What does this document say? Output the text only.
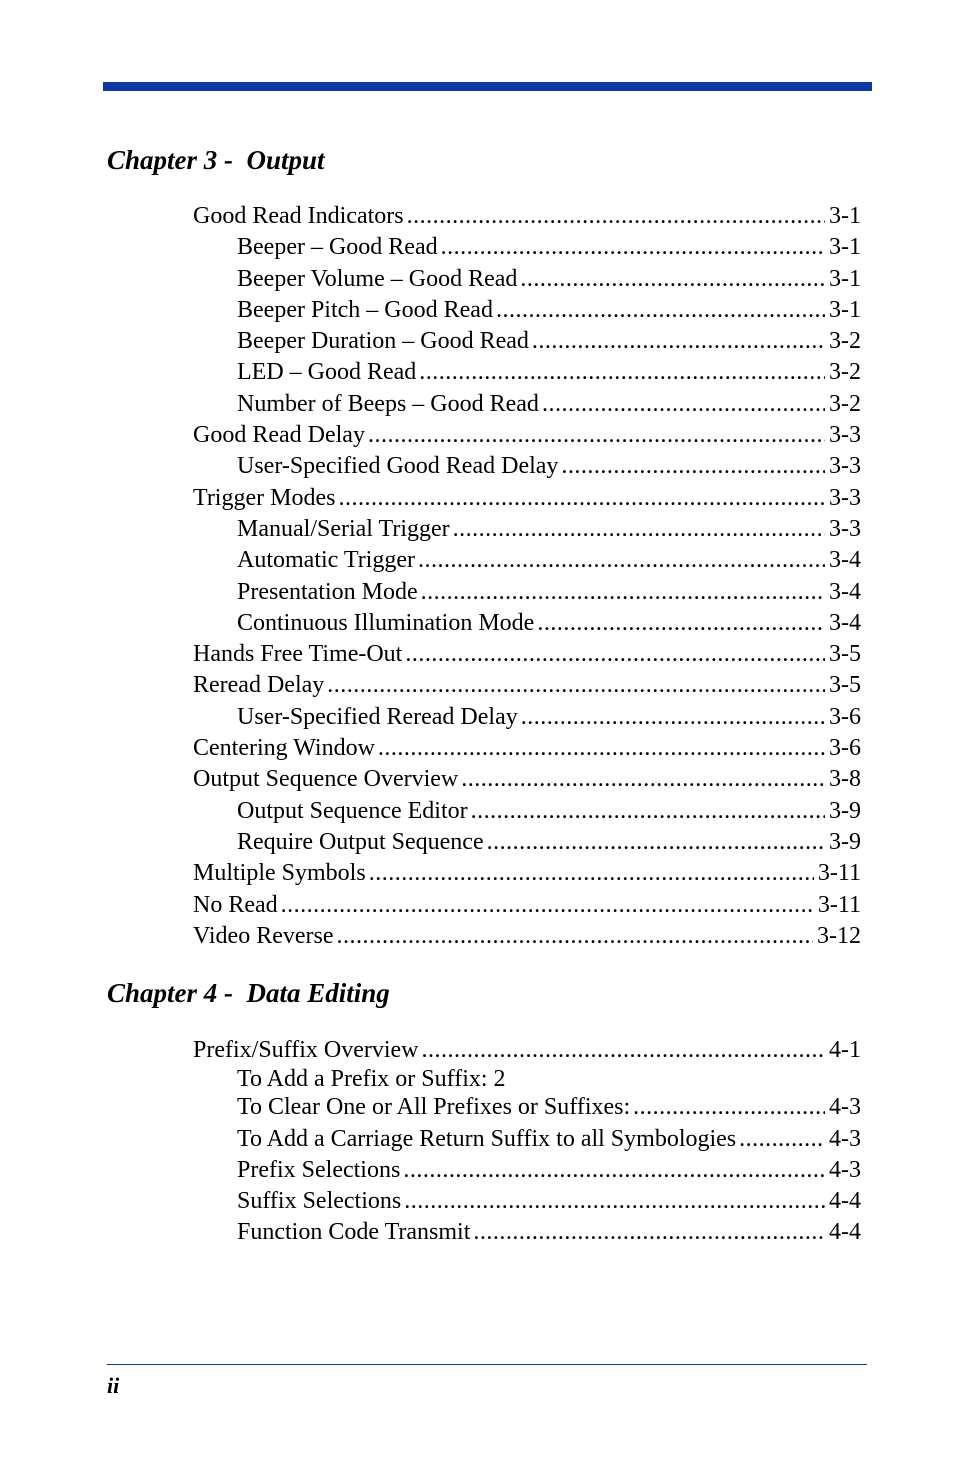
Chapter 3 -  Output
Good Read Indicators .....	3-1
Beeper – Good Read .....	3-1
Beeper Volume – Good Read .....	3-1
Beeper Pitch – Good Read .....	3-1
Beeper Duration – Good Read .....	3-2
LED – Good Read .....	3-2
Number of Beeps – Good Read .....	3-2
Good Read Delay .....	3-3
User-Specified Good Read Delay .....	3-3
Trigger Modes .....	3-3
Manual/Serial Trigger .....	3-3
Automatic Trigger .....	3-4
Presentation Mode .....	3-4
Continuous Illumination Mode .....	3-4
Hands Free Time-Out .....	3-5
Reread Delay .....	3-5
User-Specified Reread Delay .....	3-6
Centering Window .....	3-6
Output Sequence Overview .....	3-8
Output Sequence Editor .....	3-9
Require Output Sequence .....	3-9
Multiple Symbols .....	3-11
No Read .....	3-11
Video Reverse .....	3-12
Chapter 4 -  Data Editing
Prefix/Suffix Overview .....	4-1
To Add a Prefix or Suffix: 2
To Clear One or All Prefixes or Suffixes: .....	4-3
To Add a Carriage Return Suffix to all Symbologies .....	4-3
Prefix Selections .....	4-3
Suffix Selections .....	4-4
Function Code Transmit .....	4-4
ii
